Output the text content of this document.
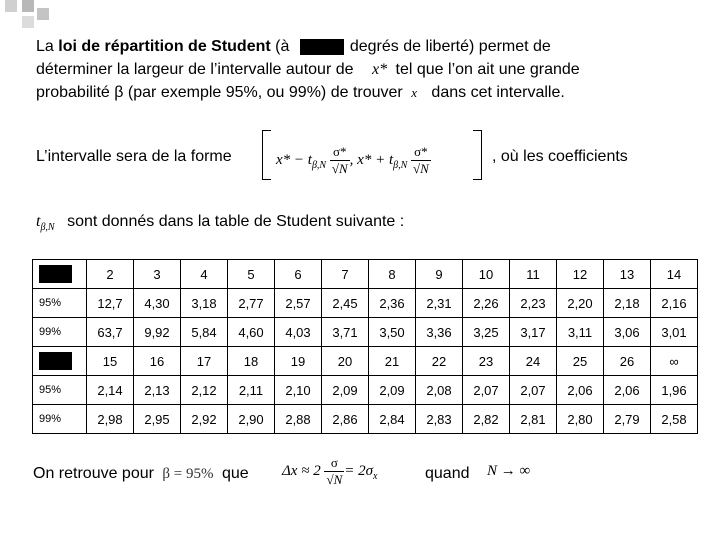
La loi de répartition de Student (à	degrés de liberté) permet de
déterminer la largeur de l’intervalle autour de x* tel que l’on ait une grande
probabilité β (par exemple 95%, ou 99%) de trouver x dans cet intervalle.
L’intervalle sera de la forme	$x* - t_{\beta,N} \frac{\sigma*}{√N}$ , $x* + t_{\beta,N} \frac{\sigma*}{√N}$	, où les coefficients
$t_{\beta,N}$ sont donnés dans la table de Student suivante :
	2	3	4	5	6	7	8	9	10	11	12	13	14
95%	12,7	4,30	3,18	2,77	2,57	2,45	2,36	2,31	2,26	2,23	2,20	2,18	2,16
99%	63,7	9,92	5,84	4,60	4,03	3,71	3,50	3,36	3,25	3,17	3,11	3,06	3,01
	15	16	17	18	19	20	21	22	23	24	25	26	∞
95%	2,14	2,13	2,12	2,11	2,10	2,09	2,09	2,08	2,07	2,07	2,06	2,06	1,96
99%	2,98	2,95	2,92	2,90	2,88	2,86	2,84	2,83	2,82	2,81	2,80	2,79	2,58
On retrouve pour β = 95% que $\Delta x \approx 2 \frac{\sigma}{√N} = 2\sigma_x$	quand N → ∞
